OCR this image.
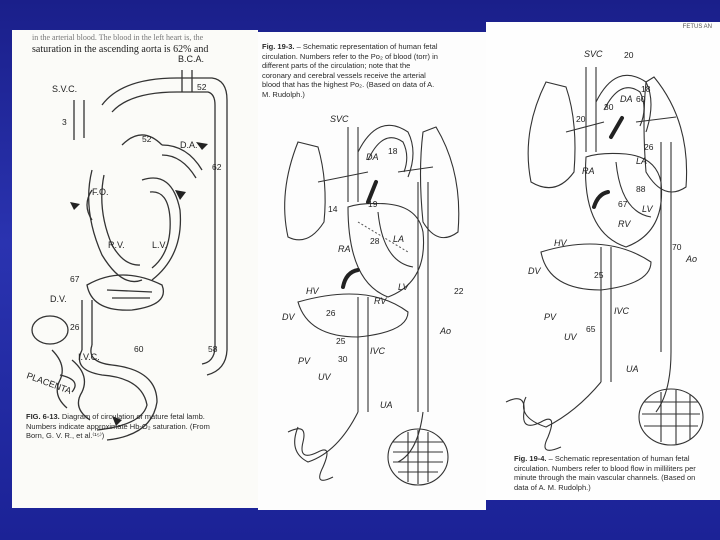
in the arterial blood. The blood in the left heart is, the
saturation in the ascending aorta is 62% and
S.V.C.
B.C.A.
52
3
52
D.A.
62
F.O.
R.V.	L.V.
67
D.V.
26
I.V.C.
58
60
PLACENTA
FIG. 6-13. Diagram of circulation of mature fetal lamb. Numbers indicate approximate Hb-O₂ saturation. (From Born, G. V. R., et al.⁽¹⁵⁾)
Fig. 19-3. – Schematic representation of human fetal circulation. Numbers refer to the Po₂ of blood (torr) in different parts of the circulation; note that the coronary and cerebral vessels receive the arterial blood that has the highest Po₂. (Based on data of A. M. Rudolph.)
SVC
DA
18
14	19
RA
28 LA
LV	22
RV
HV
26
Ao
DV
PV	30
IVC
25
UV
UA
FETUS AN
SVC	20
18
30
DA 60
20
26
RA
LA
88
67 LV
RV
70
Ao
HV
DV	25
PV
IVC
65
UV
UA
Fig. 19-4. – Schematic representation of human fetal circulation. Numbers refer to blood flow in milliliters per minute through the main vascular channels. (Based on data of A. M. Rudolph.)
